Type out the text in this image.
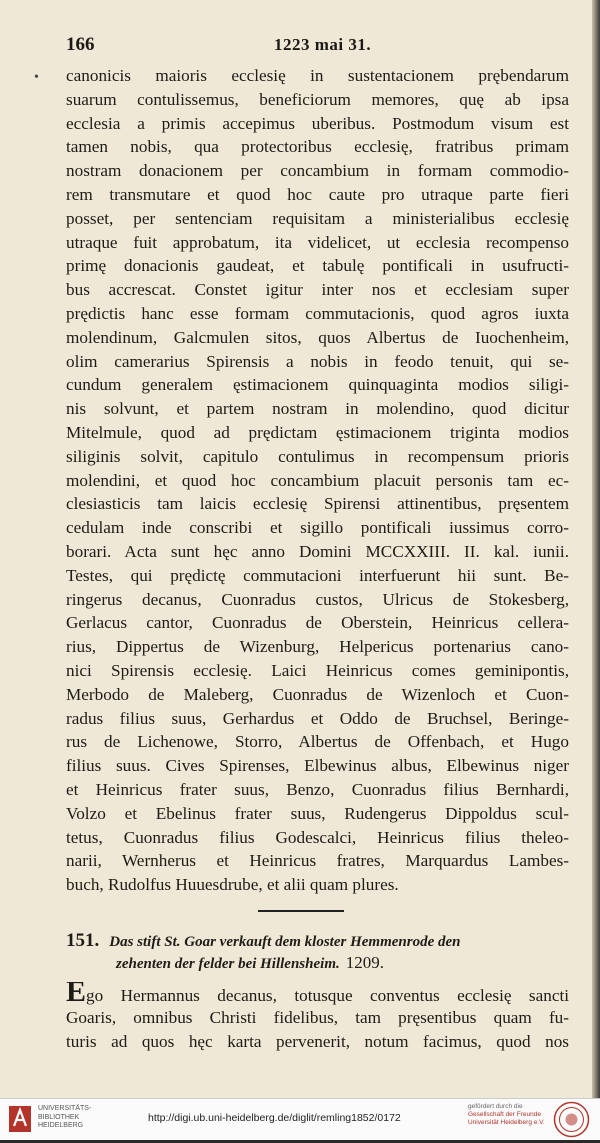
166	1223 mai 31.
• canonicis maioris ecclesię in sustentacionem prębendarum
suarum contulissemus, beneficiorum memores, quę ab ipsa
ecclesia a primis accepimus uberibus. Postmodum visum est
tamen nobis, qua protectoribus ecclesię, fratribus primam
nostram donacionem per concambium in formam commodio-
rem transmutare et quod hoc caute pro utraque parte fieri
posset, per sentenciam requisitam a ministerialibus ecclesię
utraque fuit approbatum, ita videlicet, ut ecclesia recompenso
primę donacionis gaudeat, et tabulę pontificali in usufructi-
bus accrescat. Constet igitur inter nos et ecclesiam super
prędictis hanc esse formam commutacionis, quod agros iuxta
molendinum, Galcmulen sitos, quos Albertus de Iuochenheim,
olim camerarius Spirensis a nobis in feodo tenuit, qui se-
cundum generalem ęstimacionem quinquaginta modios siligi-
nis solvunt, et partem nostram in molendino, quod dicitur
Mitelmule, quod ad prędictam ęstimacionem triginta modios
siliginis solvit, capitulo contulimus in recompensum prioris
molendini, et quod hoc concambium placuit personis tam ec-
clesiasticis tam laicis ecclesię Spirensi attinentibus, pręsentem
cedulam inde conscribi et sigillo pontificali iussimus corro-
borari. Acta sunt hęc anno Domini MCCXXIII. II. kal. iunii.
Testes, qui prędictę commutacioni interfuerunt hii sunt. Be-
ringerus decanus, Cuonradus custos, Ulricus de Stokesberg,
Gerlacus cantor, Cuonradus de Oberstein, Heinricus cellera-
rius, Dippertus de Wizenburg, Helpericus portenarius cano-
nici Spirensis ecclesię. Laici Heinricus comes geminipontis,
Merbodo de Maleberg, Cuonradus de Wizenloch et Cuon-
radus filius suus, Gerhardus et Oddo de Bruchsel, Beringe-
rus de Lichenowe, Storro, Albertus de Offenbach, et Hugo
filius suus. Cives Spirenses, Elbewinus albus, Elbewinus niger
et Heinricus frater suus, Benzo, Cuonradus filius Bernhardi,
Volzo et Ebelinus frater suus, Rudengerus Dippoldus scul-
tetus, Cuonradus filius Godescalci, Heinricus filius theleo-
narii, Wernherus et Heinricus fratres, Marquardus Lambes-
buch, Rudolfus Huuesdrube, et alii quam plures.
151. Das stift St. Goar verkauft dem kloster Hemmenrode den
zehenten der felder bei Hillensheim. 1209.
Ego Hermannus decanus, totusque conventus ecclesię sancti
Goaris, omnibus Christi fidelibus, tam pręsentibus quam fu-
turis ad quos hęc karta pervenerit, notum facimus, quod nos
UNIVERSITÄTS-
BIBLIOTHEK
HEIDELBERG
http://digi.ub.uni-heidelberg.de/diglit/remling1852/0172
gefördert durch die
Gesellschaft der Freunde
Universität Heidelberg e.V.
